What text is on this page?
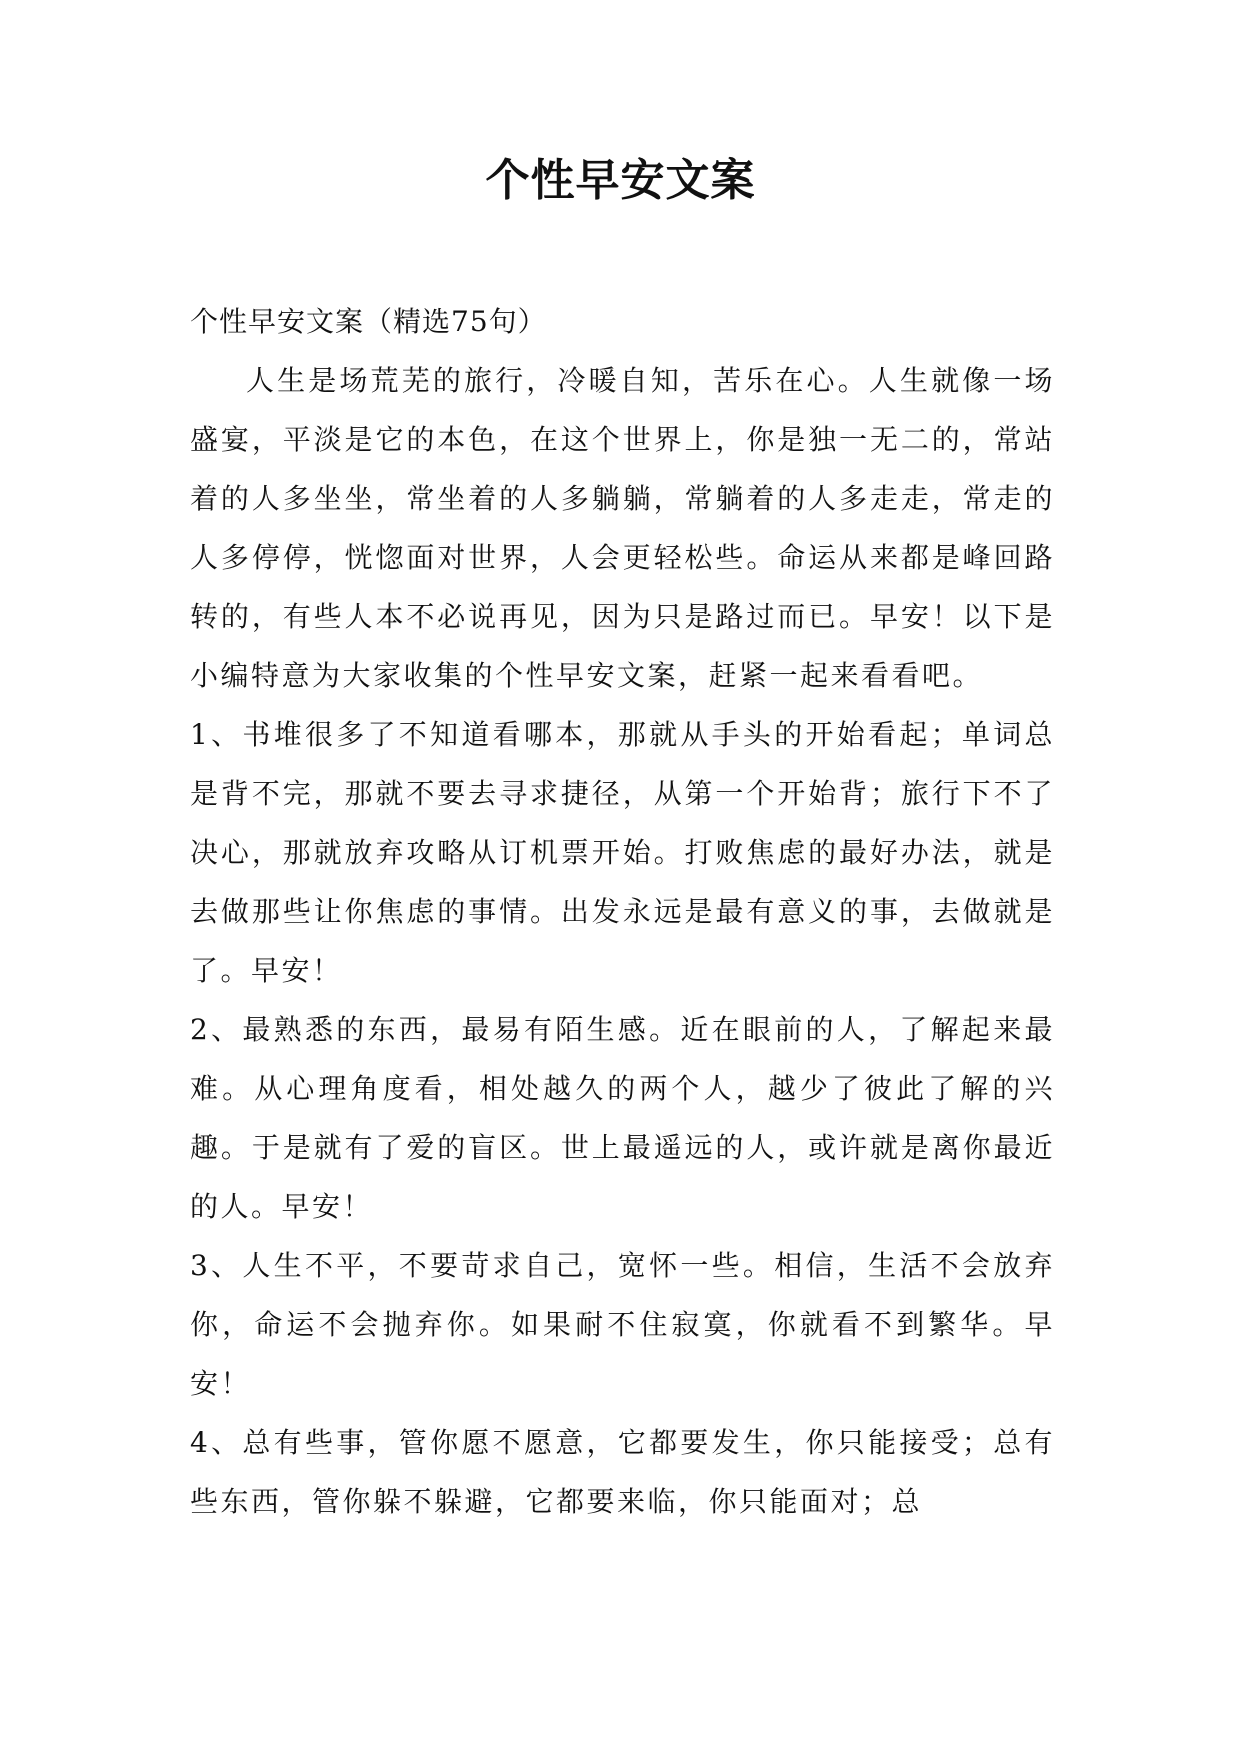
个性早安文案

个性早安文案（精选75句）

人生是场荒芜的旅行，冷暖自知，苦乐在心。人生就像一场盛宴，平淡是它的本色，在这个世界上，你是独一无二的，常站着的人多坐坐，常坐着的人多躺躺，常躺着的人多走走，常走的人多停停，恍惚面对世界，人会更轻松些。命运从来都是峰回路转的，有些人本不必说再见，因为只是路过而已。早安！以下是小编特意为大家收集的个性早安文案，赶紧一起来看看吧。

1、书堆很多了不知道看哪本，那就从手头的开始看起；单词总是背不完，那就不要去寻求捷径，从第一个开始背；旅行下不了决心，那就放弃攻略从订机票开始。打败焦虑的最好办法，就是去做那些让你焦虑的事情。出发永远是最有意义的事，去做就是了。早安！

2、最熟悉的东西，最易有陌生感。近在眼前的人，了解起来最难。从心理角度看，相处越久的两个人，越少了彼此了解的兴趣。于是就有了爱的盲区。世上最遥远的人，或许就是离你最近的人。早安！

3、人生不平，不要苛求自己，宽怀一些。相信，生活不会放弃你，命运不会抛弃你。如果耐不住寂寞，你就看不到繁华。早安！

4、总有些事，管你愿不愿意，它都要发生，你只能接受；总有些东西，管你躲不躲避，它都要来临，你只能面对；总
